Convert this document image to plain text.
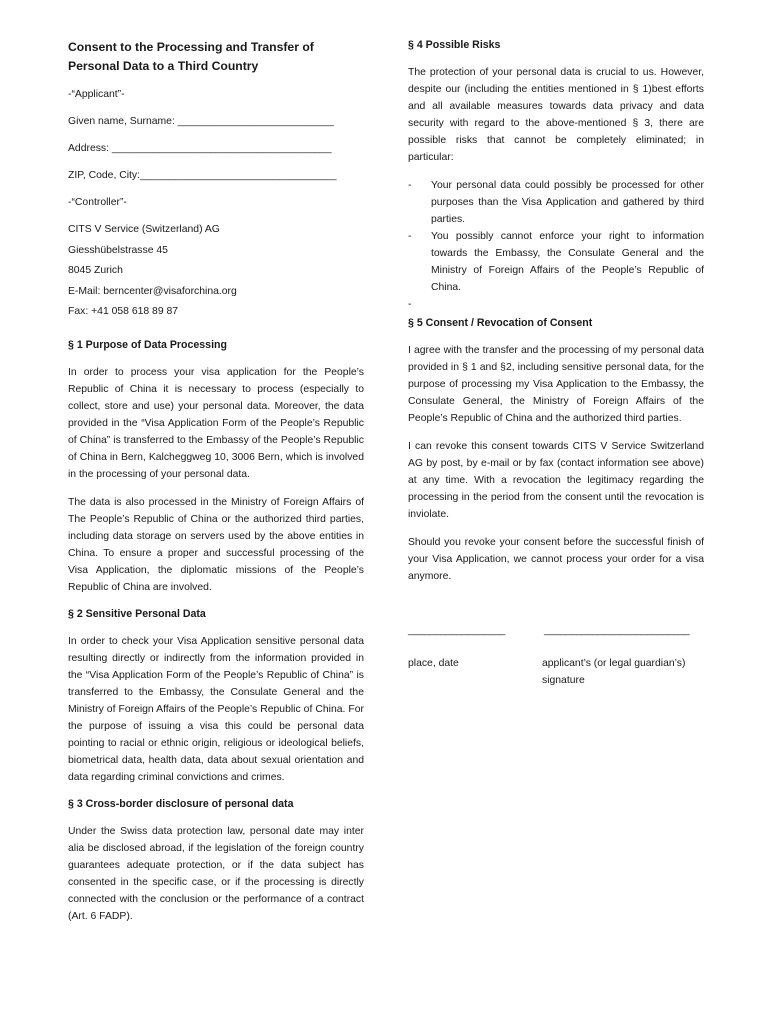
Consent to the Processing and Transfer of Personal Data to a Third Country
-“Applicant”-
Given name, Surname: ___________________________
Address: ______________________________________
ZIP, Code, City:__________________________________
-“Controller”-
CITS V Service (Switzerland) AG
Giesshübelstrasse 45
8045 Zurich
E-Mail: berncenter@visaforchina.org
Fax: +41 058 618 89 87
§ 1 Purpose of Data Processing

In order to process your visa application for the People’s Republic of China it is necessary to process (especially to collect, store and use) your personal data. Moreover, the data provided in the “Visa Application Form of the People’s Republic of China” is transferred to the Embassy of the People’s Republic of China in Bern, Kalcheggweg 10, 3006 Bern, which is involved in the processing of your personal data.

The data is also processed in the Ministry of Foreign Affairs of The People’s Republic of China or the authorized third parties, including data storage on servers used by the above entities in China. To ensure a proper and successful processing of the Visa Application, the diplomatic missions of the People’s Republic of China are involved.

§ 2 Sensitive Personal Data

In order to check your Visa Application sensitive personal data resulting directly or indirectly from the information provided in the “Visa Application Form of the People’s Republic of China” is transferred to the Embassy, the Consulate General and the Ministry of Foreign Affairs of the People’s Republic of China. For the purpose of issuing a visa this could be personal data pointing to racial or ethnic origin, religious or ideological beliefs, biometrical data, health data, data about sexual orientation and data regarding criminal convictions and crimes.

§ 3 Cross-border disclosure of personal data

Under the Swiss data protection law, personal date may inter alia be disclosed abroad, if the legislation of the foreign country guarantees adequate protection, or if the data subject has consented in the specific case, or if the processing is directly connected with the conclusion or the performance of a contract (Art. 6 FADP).

§ 4 Possible Risks

The protection of your personal data is crucial to us. However, despite our (including the entities mentioned in § 1)best efforts and all available measures towards data privacy and data security with regard to the above-mentioned § 3, there are possible risks that cannot be completely eliminated; in particular:

- Your personal data could possibly be processed for other purposes than the Visa Application and gathered by third parties.
- You possibly cannot enforce your right to information towards the Embassy, the Consulate General and the Ministry of Foreign Affairs of the People’s Republic of China.
-
§ 5 Consent / Revocation of Consent

I agree with the transfer and the processing of my personal data provided in § 1 and §2, including sensitive personal data, for the purpose of processing my Visa Application to the Embassy, the Consulate General, the Ministry of Foreign Affairs of the People’s Republic of China and the authorized third parties.

I can revoke this consent towards CITS V Service Switzerland AG by post, by e-mail or by fax (contact information see above) at any time. With a revocation the legitimacy regarding the processing in the period from the consent until the revocation is inviolate.

Should you revoke your consent before the successful finish of your Visa Application, we cannot process your order for a visa anymore.

__________________	___________________________
place, date	applicant’s (or legal guardian’s) signature
